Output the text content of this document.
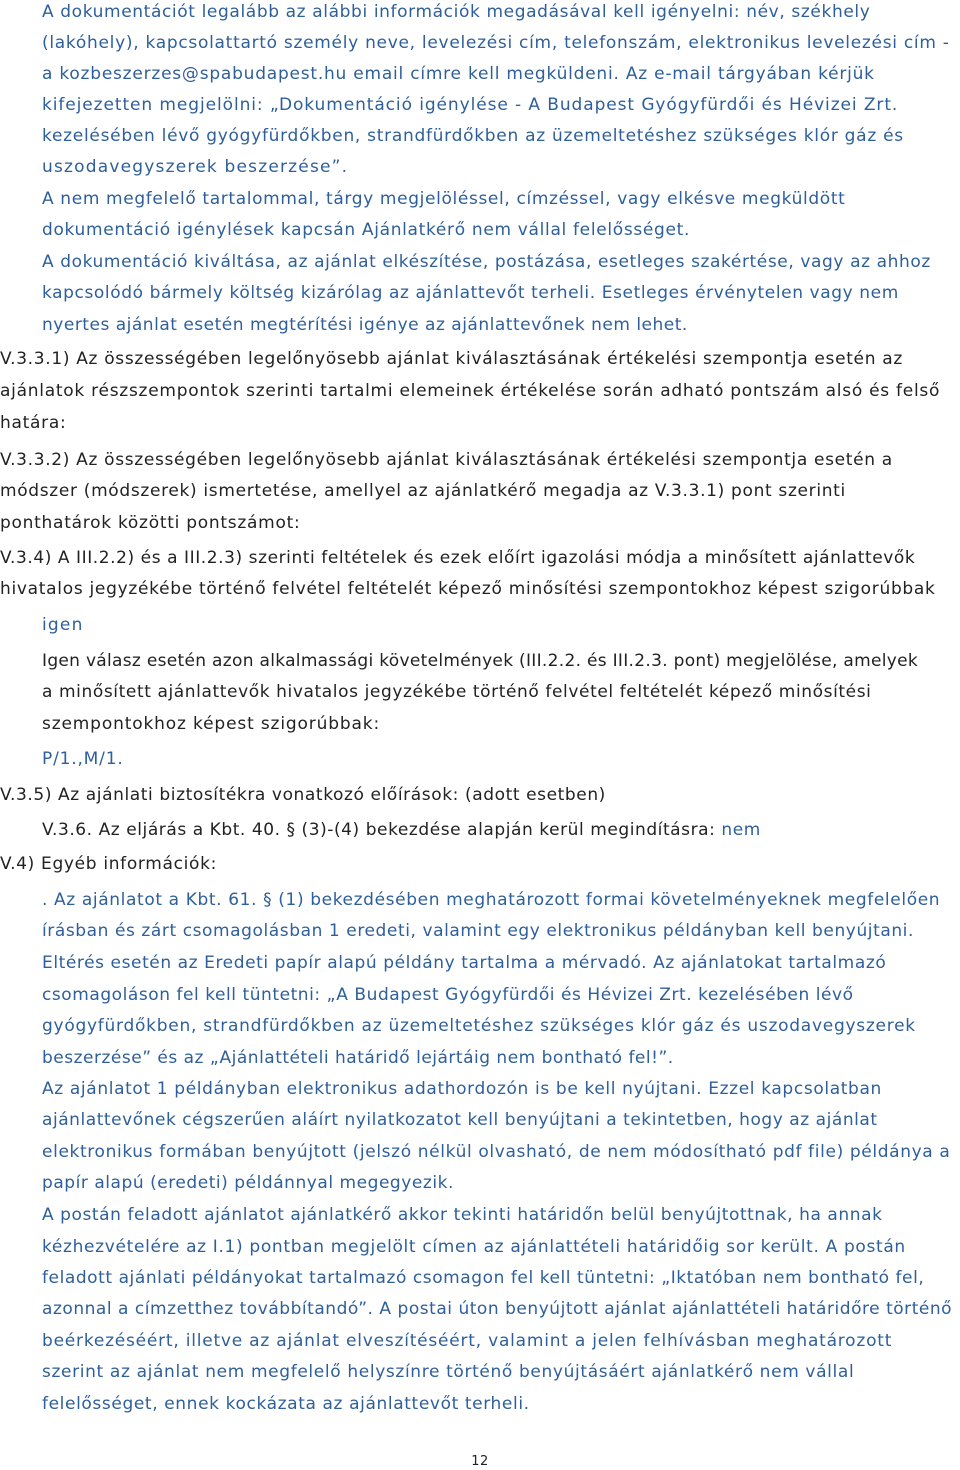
A dokumentációt legalább az alábbi információk megadásával kell igényelni: név, székhely
(lakóhely), kapcsolattartó személy neve, levelezési cím, telefonszám, elektronikus levelezési cím -
a kozbeszerzes@spabudapest.hu email címre kell megküldeni. Az e-mail tárgyában kérjük
kifejezetten megjelölni: „Dokumentáció igénylése - A Budapest Gyógyfürdői és Hévizei Zrt.
kezelésében lévő gyógyfürdőkben, strandfürdőkben az üzemeltetéshez szükséges klór gáz és
uszodavegyszerek beszerzése”.
A nem megfelelő tartalommal, tárgy megjelöléssel, címzéssel, vagy elkésve megküldött
dokumentáció igénylések kapcsán Ajánlatkérő nem vállal felelősséget.
A dokumentáció kiváltása, az ajánlat elkészítése, postázása, esetleges szakértése, vagy az ahhoz
kapcsolódó bármely költség kizárólag az ajánlattevőt terheli. Esetleges érvénytelen vagy nem
nyertes ajánlat esetén megtérítési igénye az ajánlattevőnek nem lehet.
V.3.3.1) Az összességében legelőnyösebb ajánlat kiválasztásának értékelési szempontja esetén az
ajánlatok részszempontok szerinti tartalmi elemeinek értékelése során adható pontszám alsó és felső
határa:
V.3.3.2) Az összességében legelőnyösebb ajánlat kiválasztásának értékelési szempontja esetén a
módszer (módszerek) ismertetése, amellyel az ajánlatkérő megadja az V.3.3.1) pont szerinti
ponthatárok közötti pontszámot:
V.3.4) A III.2.2) és a III.2.3) szerinti feltételek és ezek előírt igazolási módja a minősített ajánlattevők
hivatalos jegyzékébe történő felvétel feltételét képező minősítési szempontokhoz képest szigorúbbak
igen
Igen válasz esetén azon alkalmassági követelmények (III.2.2. és III.2.3. pont) megjelölése, amelyek
a minősített ajánlattevők hivatalos jegyzékébe történő felvétel feltételét képező minősítési
szempontokhoz képest szigorúbbak:
P/1.,M/1.
V.3.5) Az ajánlati biztosítékra vonatkozó előírások: (adott esetben)
V.3.6. Az eljárás a Kbt. 40. § (3)-(4) bekezdése alapján kerül megindításra: nem
V.4) Egyéb információk:
. Az ajánlatot a Kbt. 61. § (1) bekezdésében meghatározott formai követelményeknek megfelelően
írásban és zárt csomagolásban 1 eredeti, valamint egy elektronikus példányban kell benyújtani.
Eltérés esetén az Eredeti papír alapú példány tartalma a mérvadó. Az ajánlatokat tartalmazó
csomagoláson fel kell tüntetni: „A Budapest Gyógyfürdői és Hévizei Zrt. kezelésében lévő
gyógyfürdőkben, strandfürdőkben az üzemeltetéshez szükséges klór gáz és uszodavegyszerek
beszerzése” és az „Ajánlattételi határidő lejártáig nem bontható fel!”.
Az ajánlatot 1 példányban elektronikus adathordozón is be kell nyújtani. Ezzel kapcsolatban
ajánlattevőnek cégszerűen aláírt nyilatkozatot kell benyújtani a tekintetben, hogy az ajánlat
elektronikus formában benyújtott (jelszó nélkül olvasható, de nem módosítható pdf file) példánya a
papír alapú (eredeti) példánnyal megegyezik.
A postán feladott ajánlatot ajánlatkérő akkor tekinti határidőn belül benyújtottnak, ha annak
kézhezvételére az I.1) pontban megjelölt címen az ajánlattételi határidőig sor került. A postán
feladott ajánlati példányokat tartalmazó csomagon fel kell tüntetni: „Iktatóban nem bontható fel,
azonnal a címzetthez továbbítandó”. A postai úton benyújtott ajánlat ajánlattételi határidőre történő
beérkezéséért, illetve az ajánlat elveszítéséért, valamint a jelen felhívásban meghatározott
szerint az ajánlat nem megfelelő helyszínre történő benyújtásáért ajánlatkérő nem vállal
felelősséget, ennek kockázata az ajánlattevőt terheli.
12
